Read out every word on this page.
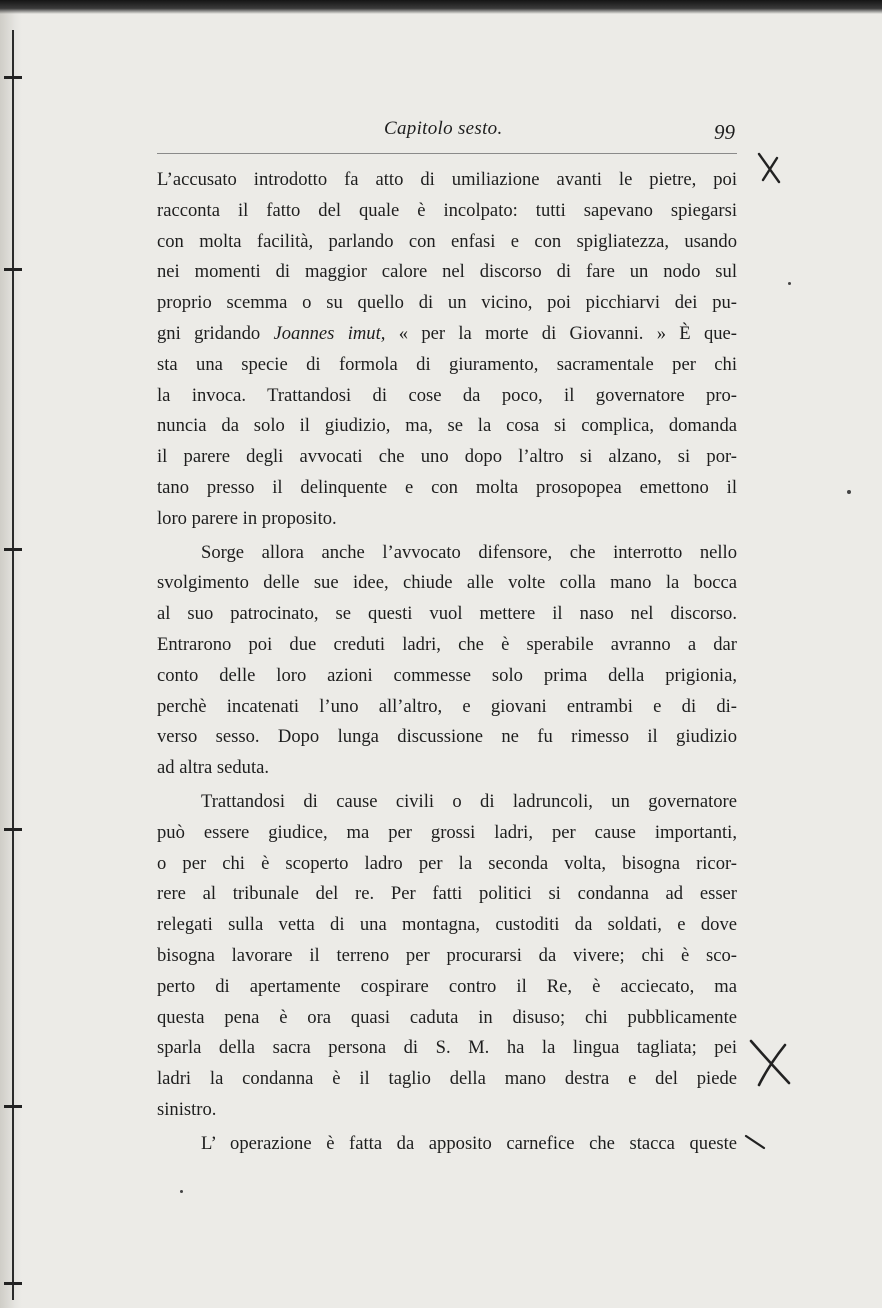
Capitolo sesto.	99
L’accusato introdotto fa atto di umiliazione avanti le pietre, poi
racconta il fatto del quale è incolpato: tutti sapevano spiegarsi
con molta facilità, parlando con enfasi e con spigliatezza, usando
nei momenti di maggior calore nel discorso di fare un nodo sul
proprio scemma o su quello di un vicino, poi picchiarvi dei pu-
gni gridando Joannes imut, « per la morte di Giovanni. » È que-
sta una specie di formola di giuramento, sacramentale per chi
la invoca. Trattandosi di cose da poco, il governatore pro-
nuncia da solo il giudizio, ma, se la cosa si complica, domanda
il parere degli avvocati che uno dopo l’altro si alzano, si por-
tano presso il delinquente e con molta prosopopea emettono il
loro parere in proposito.
Sorge allora anche l’avvocato difensore, che interrotto nello
svolgimento delle sue idee, chiude alle volte colla mano la bocca
al suo patrocinato, se questi vuol mettere il naso nel discorso.
Entrarono poi due creduti ladri, che è sperabile avranno a dar
conto delle loro azioni commesse solo prima della prigionia,
perchè incatenati l’uno all’altro, e giovani entrambi e di di-
verso sesso. Dopo lunga discussione ne fu rimesso il giudizio
ad altra seduta.
Trattandosi di cause civili o di ladruncoli, un governatore
può essere giudice, ma per grossi ladri, per cause importanti,
o per chi è scoperto ladro per la seconda volta, bisogna ricor-
rere al tribunale del re. Per fatti politici si condanna ad esser
relegati sulla vetta di una montagna, custoditi da soldati, e dove
bisogna lavorare il terreno per procurarsi da vivere; chi è sco-
perto di apertamente cospirare contro il Re, è acciecato, ma
questa pena è ora quasi caduta in disuso; chi pubblicamente
sparla della sacra persona di S. M. ha la lingua tagliata; pei
ladri la condanna è il taglio della mano destra e del piede
sinistro.
L’ operazione è fatta da apposito carnefice che stacca queste
